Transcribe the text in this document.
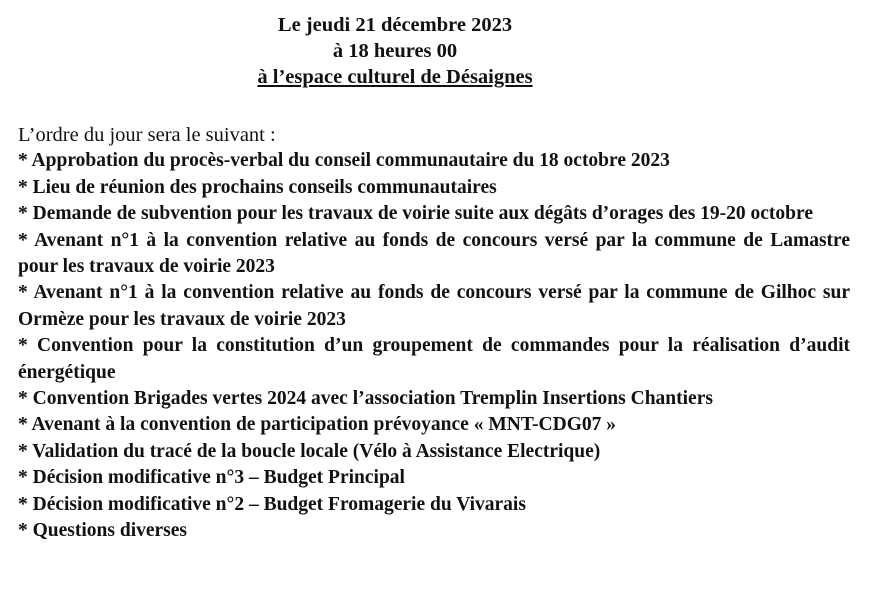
Le jeudi 21 décembre 2023
à 18 heures 00
à l’espace culturel de Désaignes
L’ordre du jour sera le suivant :
* Approbation du procès-verbal du conseil communautaire du 18 octobre 2023
* Lieu de réunion des prochains conseils communautaires
* Demande de subvention pour les travaux de voirie suite aux dégâts d’orages des 19-20 octobre
* Avenant n°1 à la convention relative au fonds de concours versé par la commune de Lamastre pour les travaux de voirie 2023
* Avenant n°1 à la convention relative au fonds de concours versé par la commune de Gilhoc sur Ormèze pour les travaux de voirie 2023
* Convention pour la constitution d’un groupement de commandes pour la réalisation d’audit énergétique
* Convention Brigades vertes 2024 avec l’association Tremplin Insertions Chantiers
* Avenant à la convention de participation prévoyance « MNT-CDG07 »
* Validation du tracé de la boucle locale (Vélo à Assistance Electrique)
* Décision modificative n°3 – Budget Principal
* Décision modificative n°2 – Budget Fromagerie du Vivarais
* Questions diverses
